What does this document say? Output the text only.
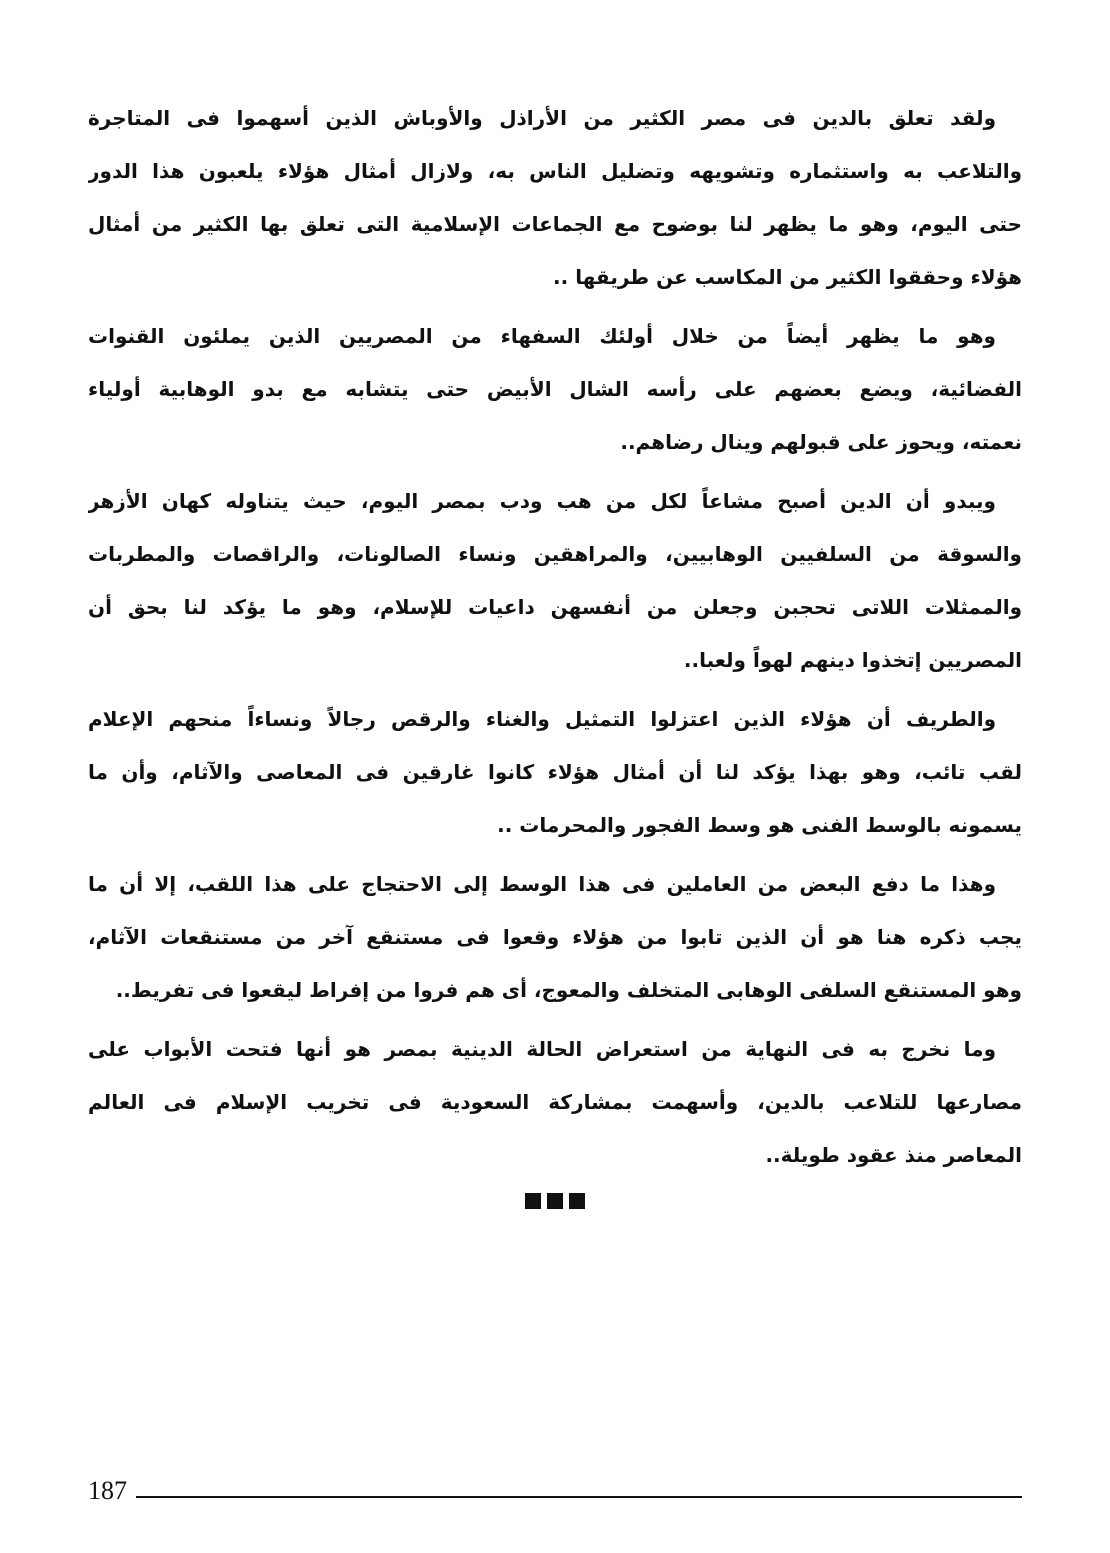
ولقد تعلق بالدين فى مصر الكثير من الأراذل والأوباش الذين أسهموا فى المتاجرة
والتلاعب به واستثماره وتشويهه وتضليل الناس به، ولازال أمثال هؤلاء يلعبون هذا الدور
حتى اليوم، وهو ما يظهر لنا بوضوح مع الجماعات الإسلامية التى تعلق بها الكثير من أمثال
هؤلاء وحققوا الكثير من المكاسب عن طريقها ..
وهو ما يظهر أيضاً من خلال أولئك السفهاء من المصريين الذين يملئون القنوات
الفضائية، ويضع بعضهم على رأسه الشال الأبيض حتى يتشابه مع بدو الوهابية أولياء
نعمته، ويحوز على قبولهم وينال رضاهم..
ويبدو أن الدين أصبح مشاعاً لكل من هب ودب بمصر اليوم، حيث يتناوله كهان الأزهر
والسوقة من السلفيين الوهابيين، والمراهقين ونساء الصالونات، والراقصات والمطربات
والممثلات اللاتى تحجبن وجعلن من أنفسهن داعيات للإسلام، وهو ما يؤكد لنا بحق أن
المصريين إتخذوا دينهم لهواً ولعبا..
والطريف أن هؤلاء الذين اعتزلوا التمثيل والغناء والرقص رجالاً ونساءاً منحهم الإعلام
لقب تائب، وهو بهذا يؤكد لنا أن أمثال هؤلاء كانوا غارقين فى المعاصى والآثام، وأن ما
يسمونه بالوسط الفنى هو وسط الفجور والمحرمات ..
وهذا ما دفع البعض من العاملين فى هذا الوسط إلى الاحتجاج على هذا اللقب، إلا أن ما
يجب ذكره هنا هو أن الذين تابوا من هؤلاء وقعوا فى مستنقع آخر من مستنقعات الآثام،
وهو المستنقع السلفى الوهابى المتخلف والمعوج، أى هم فروا من إفراط ليقعوا فى تفريط..
وما نخرج به فى النهاية من استعراض الحالة الدينية بمصر هو أنها فتحت الأبواب على
مصارعها للتلاعب بالدين، وأسهمت بمشاركة السعودية فى تخريب الإسلام فى العالم
المعاصر منذ عقود طويلة..
187
